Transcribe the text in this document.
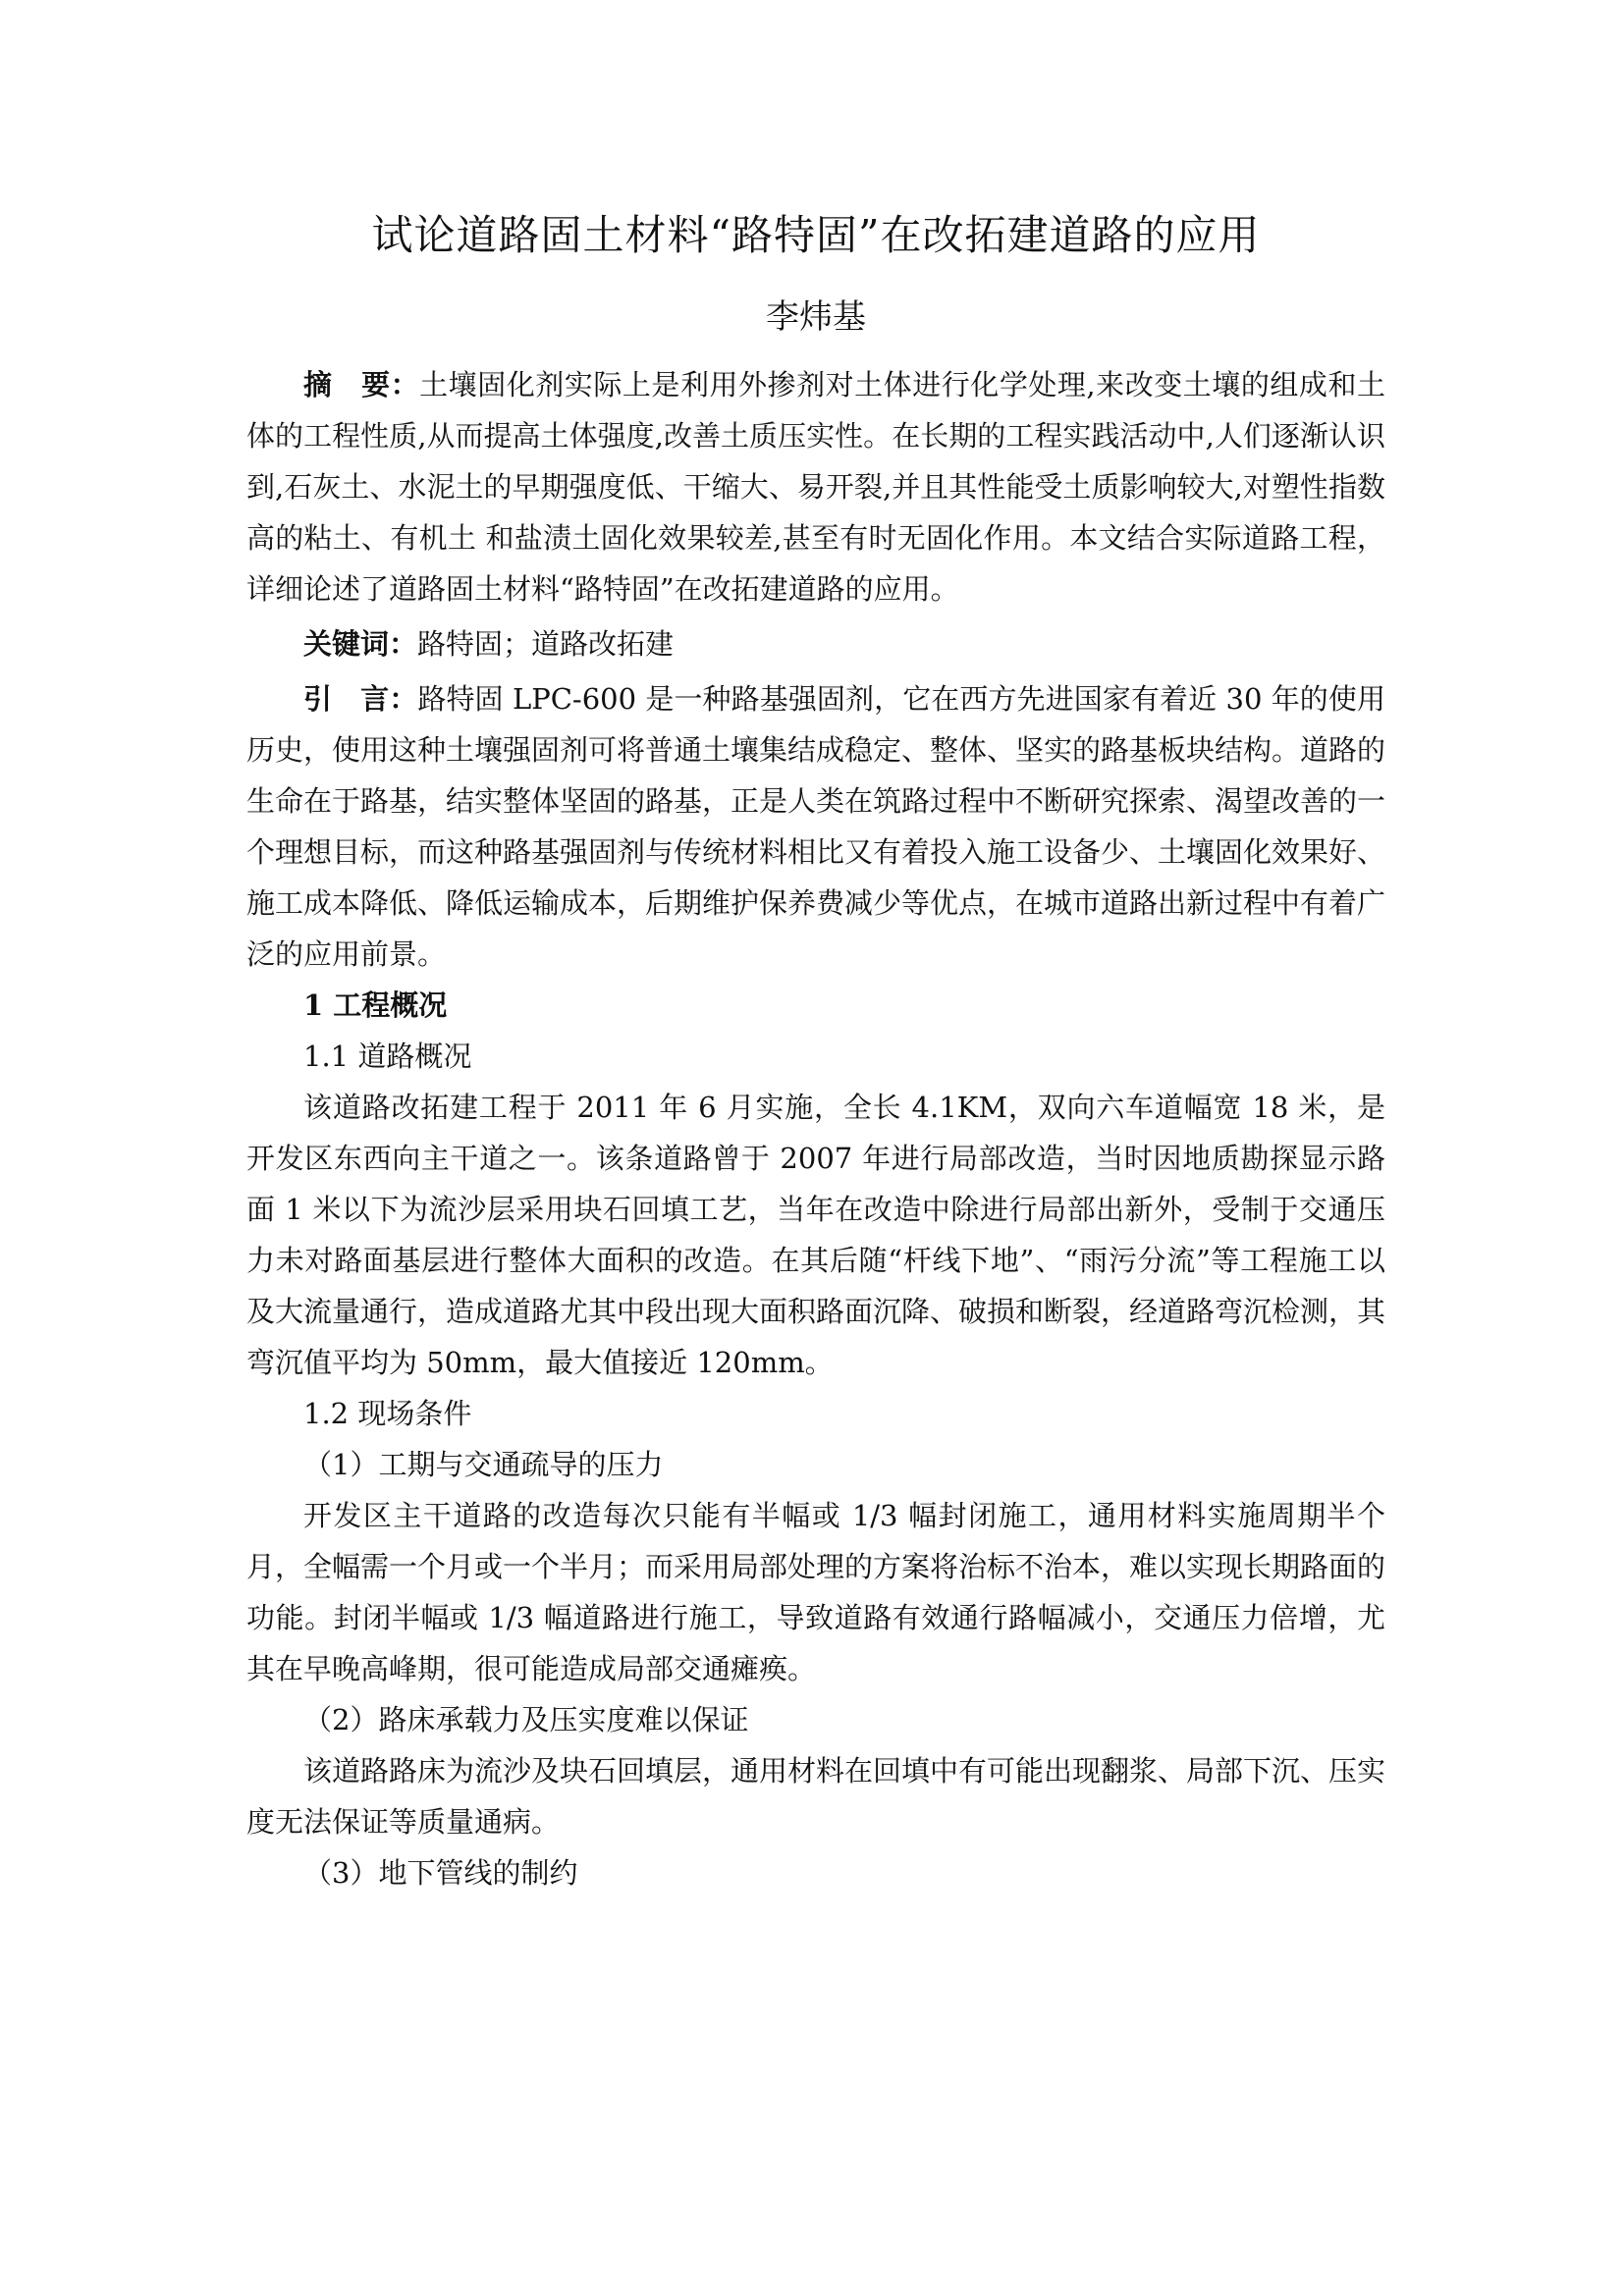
试论道路固土材料“路特固”在改拓建道路的应用
李炜基

摘　要：土壤固化剂实际上是利用外掺剂对土体进行化学处理,来改变土壤的组成和土体的工程性质,从而提高土体强度,改善土质压实性。在长期的工程实践活动中,人们逐渐认识到,石灰土、水泥土的早期强度低、干缩大、易开裂,并且其性能受土质影响较大,对塑性指数高的粘土、有机土 和盐渍土固化效果较差,甚至有时无固化作用。本文结合实际道路工程，详细论述了道路固土材料“路特固”在改拓建道路的应用。

关键词：路特固；道路改拓建

引　言：路特固 LPC-600 是一种路基强固剂，它在西方先进国家有着近 30 年的使用历史，使用这种土壤强固剂可将普通土壤集结成稳定、整体、坚实的路基板块结构。道路的生命在于路基，结实整体坚固的路基，正是人类在筑路过程中不断研究探索、渴望改善的一个理想目标，而这种路基强固剂与传统材料相比又有着投入施工设备少、土壤固化效果好、施工成本降低、降低运输成本，后期维护保养费减少等优点，在城市道路出新过程中有着广泛的应用前景。

1 工程概况

1.1 道路概况

该道路改拓建工程于 2011 年 6 月实施，全长 4.1KM，双向六车道幅宽 18 米，是开发区东西向主干道之一。该条道路曾于 2007 年进行局部改造，当时因地质勘探显示路面 1 米以下为流沙层采用块石回填工艺，当年在改造中除进行局部出新外，受制于交通压力未对路面基层进行整体大面积的改造。在其后随“杆线下地”、“雨污分流”等工程施工以及大流量通行，造成道路尤其中段出现大面积路面沉降、破损和断裂，经道路弯沉检测，其弯沉值平均为 50mm，最大值接近 120mm。

1.2 现场条件

（1）工期与交通疏导的压力

开发区主干道路的改造每次只能有半幅或 1/3 幅封闭施工，通用材料实施周期半个月，全幅需一个月或一个半月；而采用局部处理的方案将治标不治本，难以实现长期路面的功能。封闭半幅或 1/3 幅道路进行施工，导致道路有效通行路幅减小，交通压力倍增，尤其在早晚高峰期，很可能造成局部交通瘫痪。

（2）路床承载力及压实度难以保证

该道路路床为流沙及块石回填层，通用材料在回填中有可能出现翻浆、局部下沉、压实度无法保证等质量通病。

（3）地下管线的制约
